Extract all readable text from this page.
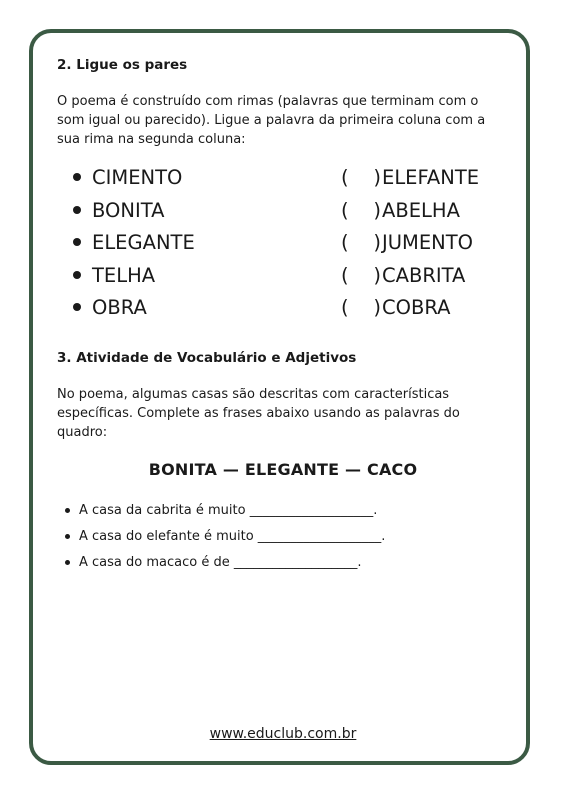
2. Ligue os pares

O poema é construído com rimas (palavras que terminam com o som igual ou parecido). Ligue a palavra da primeira coluna com a sua rima na segunda coluna:

CIMENTO	(    ) ELEFANTE
BONITA	(    ) ABELHA
ELEGANTE	(    ) JUMENTO
TELHA	(    ) CABRITA
OBRA	(    ) COBRA

3. Atividade de Vocabulário e Adjetivos

No poema, algumas casas são descritas com características específicas. Complete as frases abaixo usando as palavras do quadro:

BONITA — ELEGANTE — CACO

A casa da cabrita é muito ___________________.
A casa do elefante é muito ___________________.
A casa do macaco é de ___________________.
www.educlub.com.br
